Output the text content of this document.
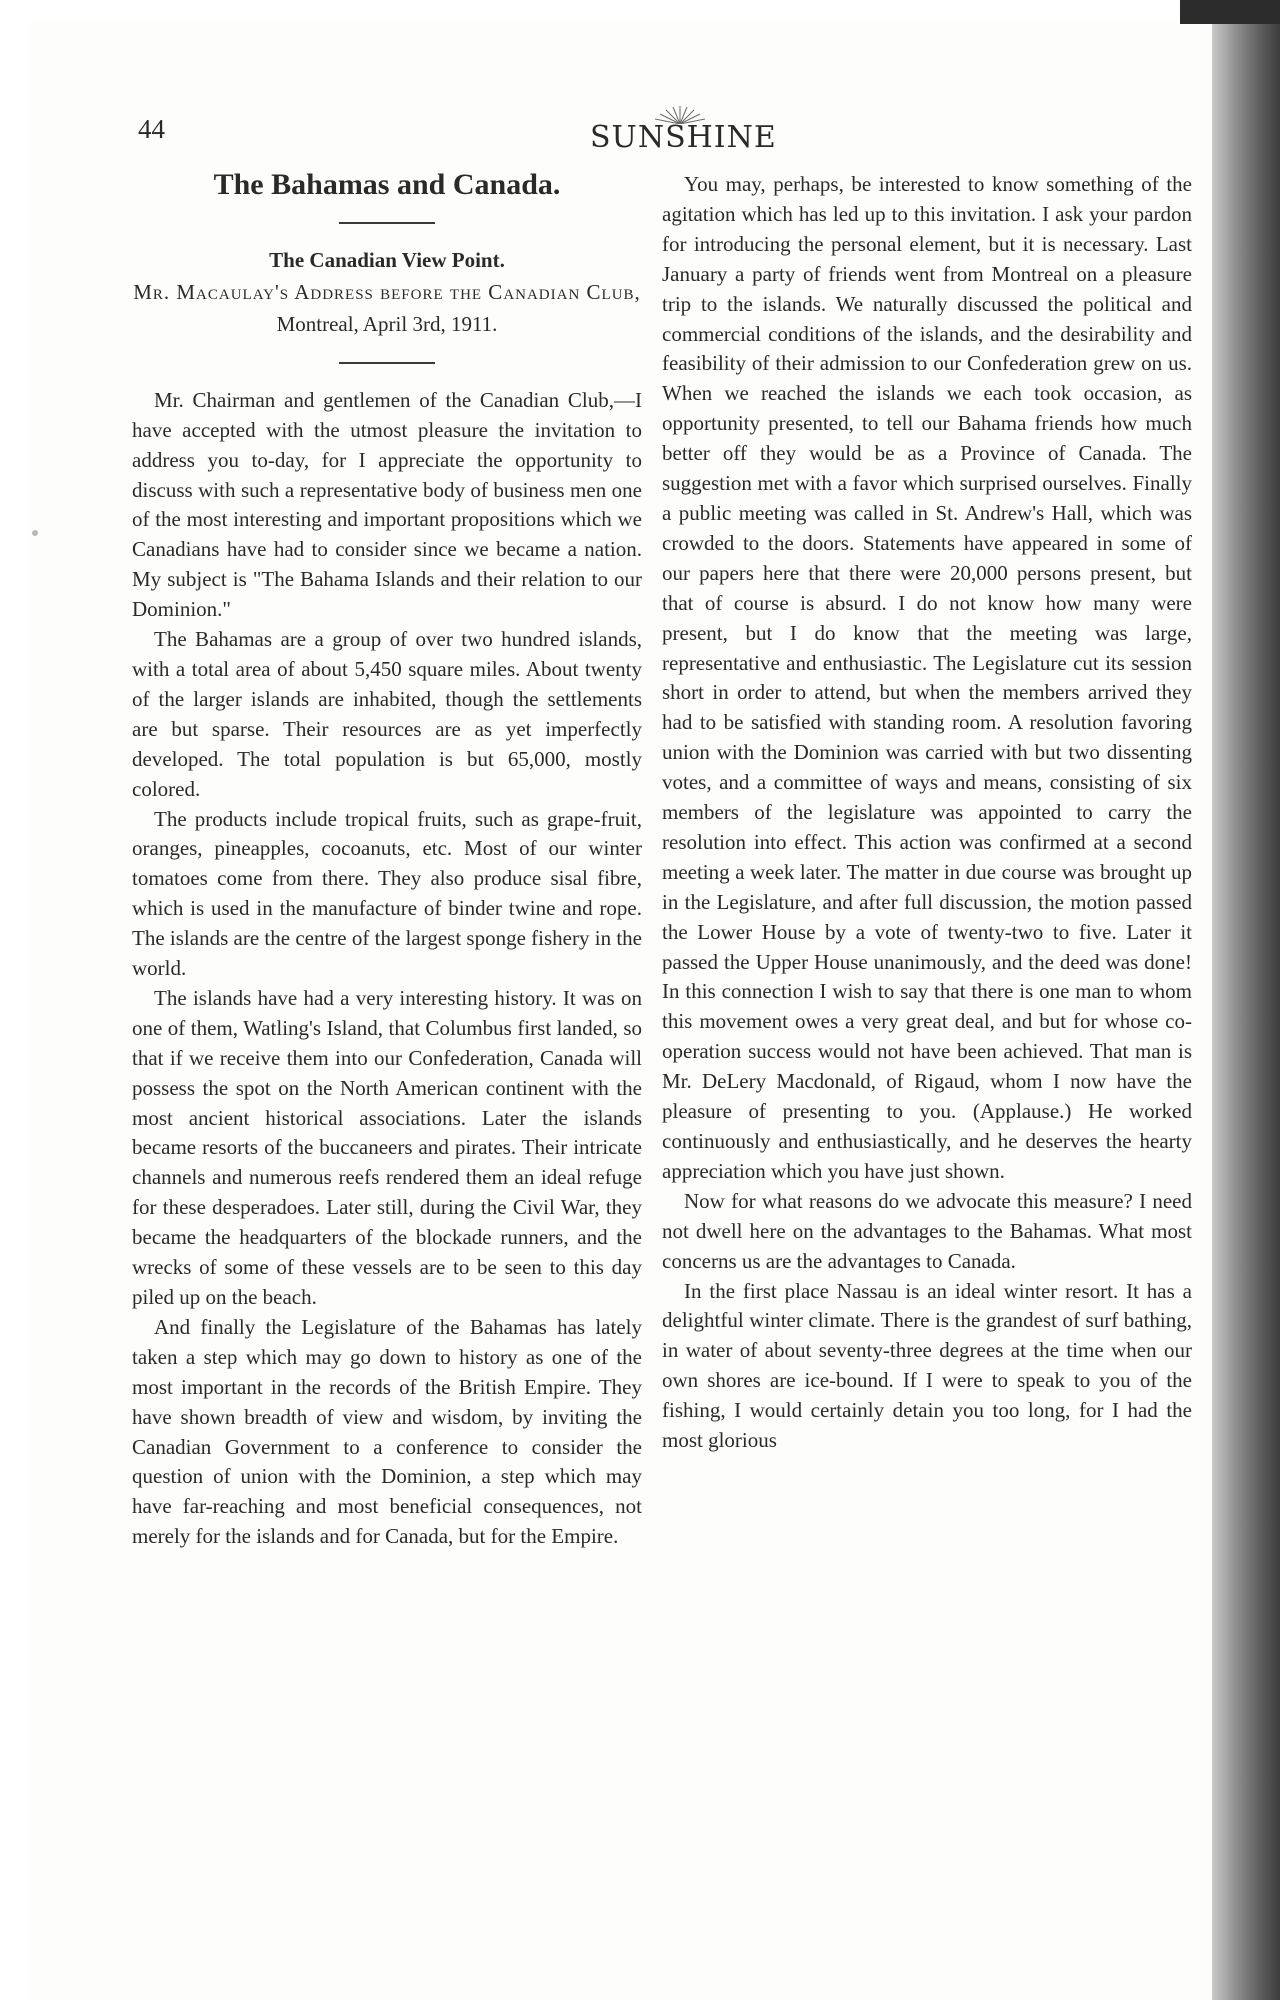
44	SUNSHINE

The Bahamas and Canada.

The Canadian View Point.

Mr. Macaulay's Address before the Canadian Club, Montreal, April 3rd, 1911.

Mr. Chairman and gentlemen of the Canadian Club,—I have accepted with the utmost pleasure the invitation to address you to-day, for I appreciate the opportunity to discuss with such a representative body of business men one of the most interesting and important propositions which we Canadians have had to consider since we became a nation. My subject is "The Bahama Islands and their relation to our Dominion."

The Bahamas are a group of over two hundred islands, with a total area of about 5,450 square miles. About twenty of the larger islands are inhabited, though the settlements are but sparse. Their resources are as yet imperfectly developed. The total population is but 65,000, mostly colored.

The products include tropical fruits, such as grape-fruit, oranges, pineapples, cocoanuts, etc. Most of our winter tomatoes come from there. They also produce sisal fibre, which is used in the manufacture of binder twine and rope. The islands are the centre of the largest sponge fishery in the world.

The islands have had a very interesting history. It was on one of them, Watling's Island, that Columbus first landed, so that if we receive them into our Confederation, Canada will possess the spot on the North American continent with the most ancient historical associations. Later the islands became resorts of the buccaneers and pirates. Their intricate channels and numerous reefs rendered them an ideal refuge for these desperadoes. Later still, during the Civil War, they became the headquarters of the blockade runners, and the wrecks of some of these vessels are to be seen to this day piled up on the beach.

And finally the Legislature of the Bahamas has lately taken a step which may go down to history as one of the most important in the records of the British Empire. They have shown breadth of view and wisdom, by inviting the Canadian Government to a conference to consider the question of union with the Dominion, a step which may have far-reaching and most beneficial consequences, not merely for the islands and for Canada, but for the Empire.

You may, perhaps, be interested to know something of the agitation which has led up to this invitation. I ask your pardon for introducing the personal element, but it is necessary. Last January a party of friends went from Montreal on a pleasure trip to the islands. We naturally discussed the political and commercial conditions of the islands, and the desirability and feasibility of their admission to our Confederation grew on us. When we reached the islands we each took occasion, as opportunity presented, to tell our Bahama friends how much better off they would be as a Province of Canada. The suggestion met with a favor which surprised ourselves. Finally a public meeting was called in St. Andrew's Hall, which was crowded to the doors. Statements have appeared in some of our papers here that there were 20,000 persons present, but that of course is absurd. I do not know how many were present, but I do know that the meeting was large, representative and enthusiastic. The Legislature cut its session short in order to attend, but when the members arrived they had to be satisfied with standing room. A resolution favoring union with the Dominion was carried with but two dissenting votes, and a committee of ways and means, consisting of six members of the legislature was appointed to carry the resolution into effect. This action was confirmed at a second meeting a week later. The matter in due course was brought up in the Legislature, and after full discussion, the motion passed the Lower House by a vote of twenty-two to five. Later it passed the Upper House unanimously, and the deed was done! In this connection I wish to say that there is one man to whom this movement owes a very great deal, and but for whose co-operation success would not have been achieved. That man is Mr. DeLery Macdonald, of Rigaud, whom I now have the pleasure of presenting to you. (Applause.) He worked continuously and enthusiastically, and he deserves the hearty appreciation which you have just shown.

Now for what reasons do we advocate this measure? I need not dwell here on the advantages to the Bahamas. What most concerns us are the advantages to Canada.

In the first place Nassau is an ideal winter resort. It has a delightful winter climate. There is the grandest of surf bathing, in water of about seventy-three degrees at the time when our own shores are ice-bound. If I were to speak to you of the fishing, I would certainly detain you too long, for I had the most glorious
